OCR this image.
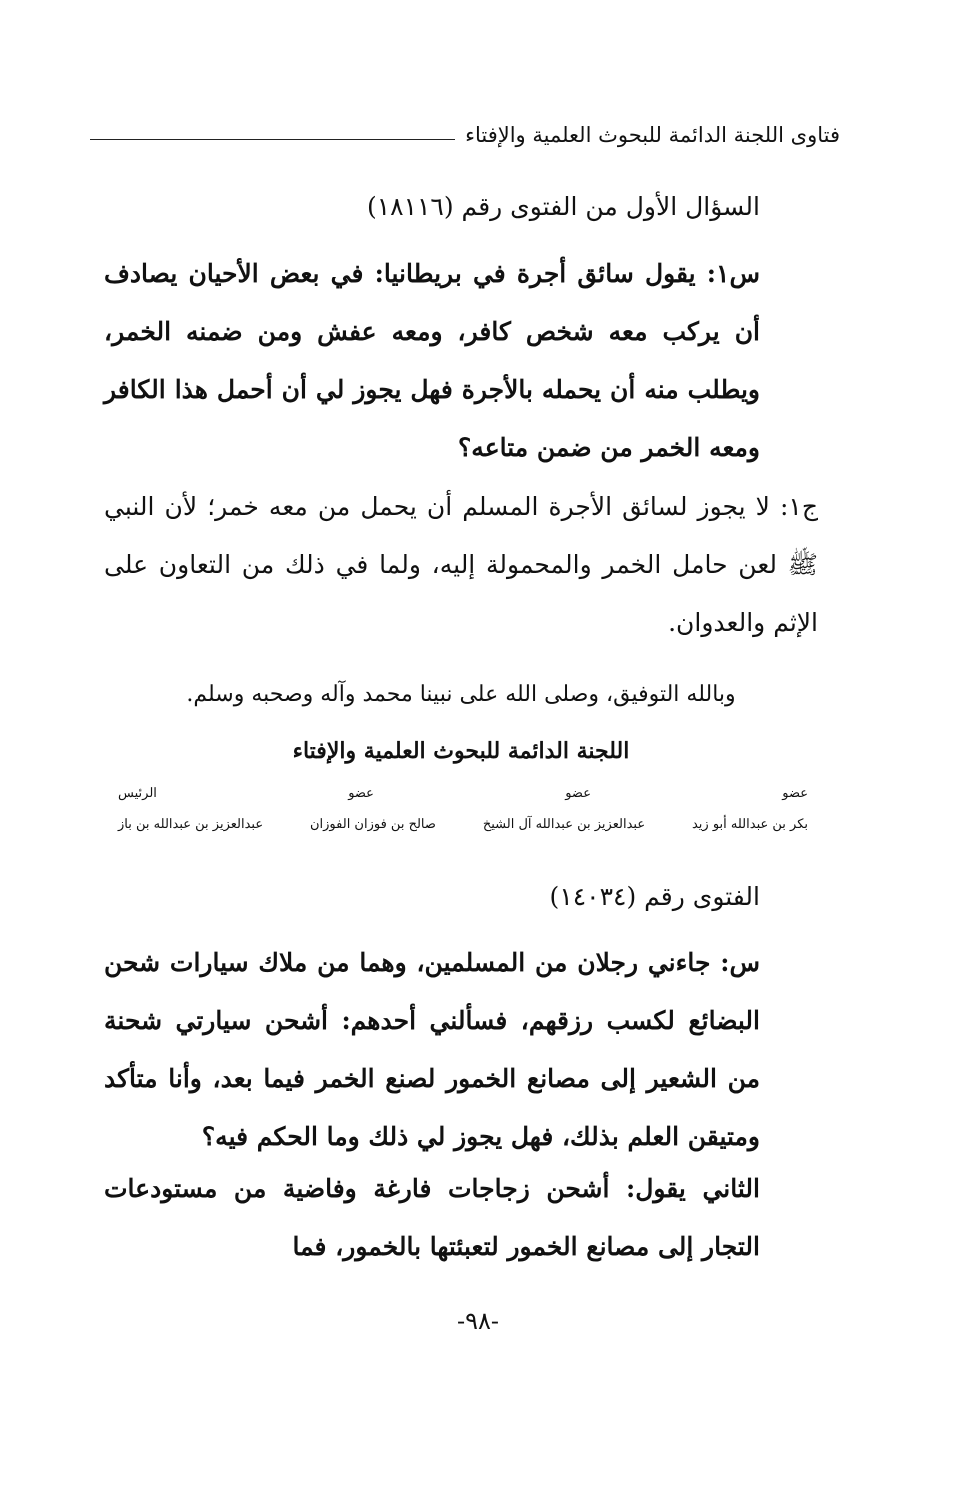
فتاوى اللجنة الدائمة للبحوث العلمية والإفتاء
السؤال الأول من الفتوى رقم (١٨١١٦)
س١: يقول سائق أجرة في بريطانيا: في بعض الأحيان يصادف أن يركب معه شخص كافر، ومعه عفش ومن ضمنه الخمر، ويطلب منه أن يحمله بالأجرة فهل يجوز لي أن أحمل هذا الكافر ومعه الخمر من ضمن متاعه؟
ج١: لا يجوز لسائق الأجرة المسلم أن يحمل من معه خمر؛ لأن النبي ﷺ لعن حامل الخمر والمحمولة إليه، ولما في ذلك من التعاون على الإثم والعدوان.
وبالله التوفيق، وصلى الله على نبينا محمد وآله وصحبه وسلم.
اللجنة الدائمة للبحوث العلمية والإفتاء
عضو
عضو
عضو
الرئيس
بكر بن عبدالله أبو زيد
عبدالعزيز بن عبدالله آل الشيخ
صالح بن فوزان الفوزان
عبدالعزيز بن عبدالله بن باز
الفتوى رقم (١٤٠٣٤)
س: جاءني رجلان من المسلمين، وهما من ملاك سيارات شحن البضائع لكسب رزقهم، فسألني أحدهم: أشحن سيارتي شحنة من الشعير إلى مصانع الخمور لصنع الخمر فيما بعد، وأنا متأكد ومتيقن العلم بذلك، فهل يجوز لي ذلك وما الحكم فيه؟
الثاني يقول: أشحن زجاجات فارغة وفاضية من مستودعات التجار إلى مصانع الخمور لتعبئتها بالخمور، فما
-٩٨-
